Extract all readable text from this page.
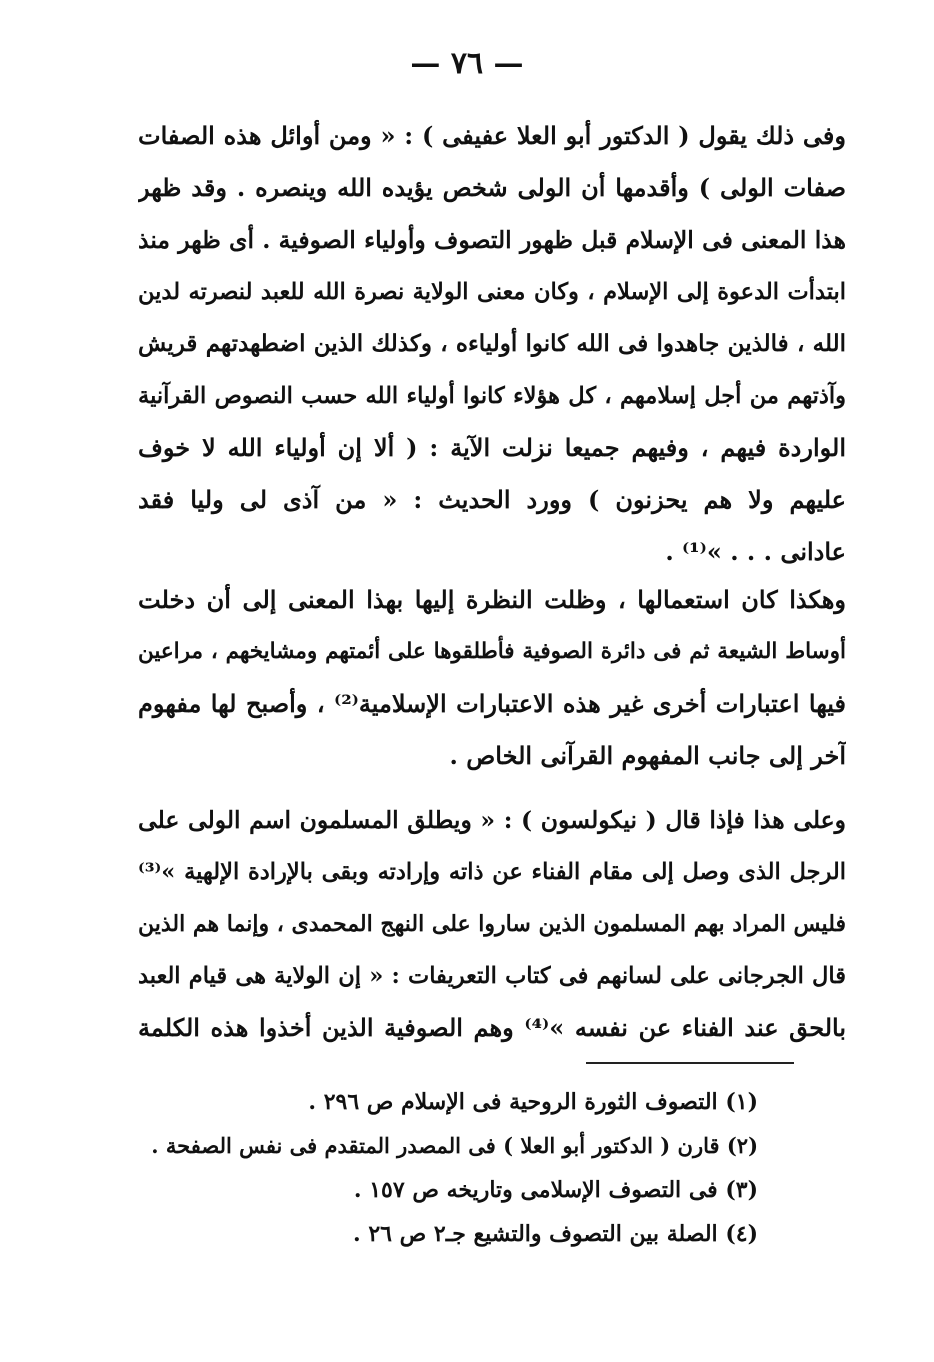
— ٧٦ —
وفى ذلك يقول ( الدكتور أبو العلا عفيفى ) : « ومن أوائل هذه الصفات
صفات الولى ) وأقدمها أن الولى شخص يؤيده الله وينصره . وقد ظهر
هذا المعنى فى الإسلام قبل ظهور التصوف وأولياء الصوفية . أى ظهر منذ
ابتدأت الدعوة إلى الإسلام ، وكان معنى الولاية نصرة الله للعبد لنصرته لدين
الله ، فالذين جاهدوا فى الله كانوا أولياءه ، وكذلك الذين اضطهدتهم قريش
وآذتهم من أجل إسلامهم ، كل هؤلاء كانوا أولياء الله حسب النصوص القرآنية
الواردة فيهم ، وفيهم جميعا نزلت الآية : ( ألا إن أولياء الله لا خوف
عليهم ولا هم يحزنون ) وورد الحديث : « من آذى لى وليا فقد
عادانى . . . »⁽¹⁾ .
وهكذا كان استعمالها ، وظلت النظرة إليها بهذا المعنى إلى أن دخلت
أوساط الشيعة ثم فى دائرة الصوفية فأطلقوها على أئمتهم ومشايخهم ، مراعين
فيها اعتبارات أخرى غير هذه الاعتبارات الإسلامية⁽²⁾ ، وأصبح لها مفهوم
آخر إلى جانب المفهوم القرآنى الخاص .
وعلى هذا فإذا قال ( نيكولسون ) : « ويطلق المسلمون اسم الولى على
الرجل الذى وصل إلى مقام الفناء عن ذاته وإرادته وبقى بالإرادة الإلهية »⁽³⁾
فليس المراد بهم المسلمون الذين ساروا على النهج المحمدى ، وإنما هم الذين
قال الجرجانى على لسانهم فى كتاب التعريفات : « إن الولاية هى قيام العبد
بالحق عند الفناء عن نفسه »⁽⁴⁾ وهم الصوفية الذين أخذوا هذه الكلمة
(١) التصوف الثورة الروحية فى الإسلام ص ٢٩٦ .
(٢) قارن ( الدكتور أبو العلا ) فى المصدر المتقدم فى نفس الصفحة .
(٣) فى التصوف الإسلامى وتاريخه ص ١٥٧ .
(٤) الصلة بين التصوف والتشيع جـ٢ ص ٢٦ .
